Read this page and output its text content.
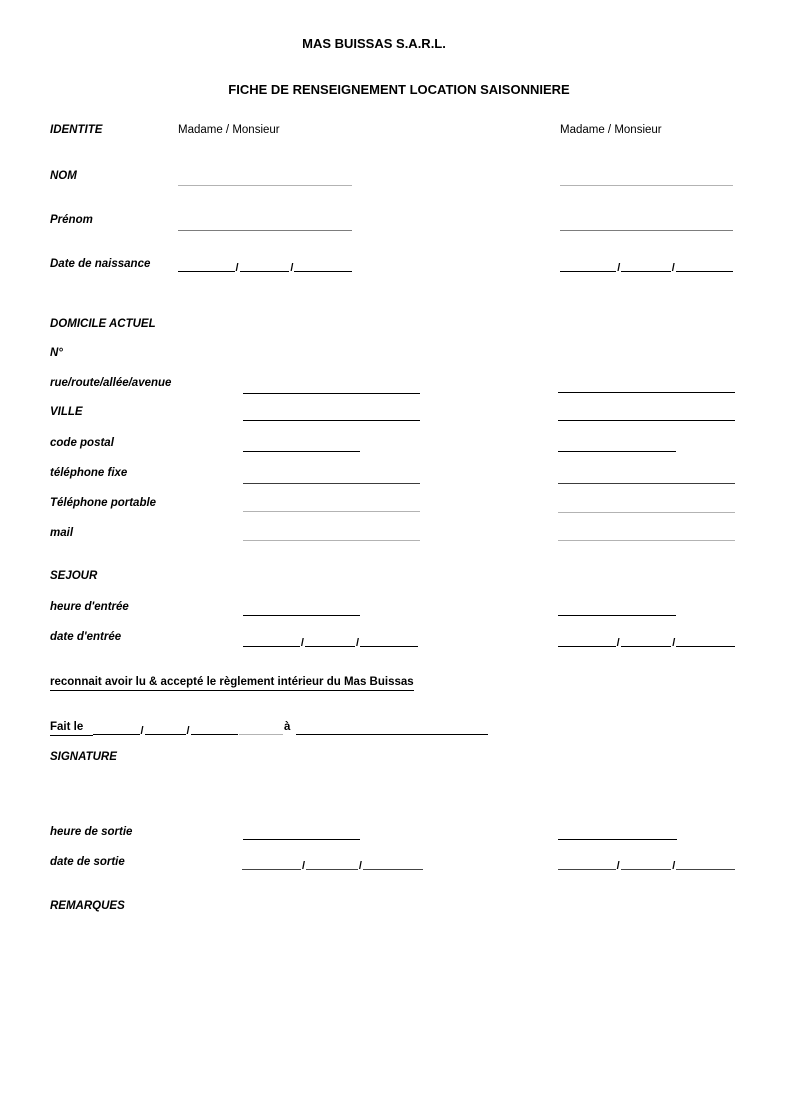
MAS BUISSAS S.A.R.L.
FICHE DE RENSEIGNEMENT LOCATION SAISONNIERE
IDENTITE	Madame / Monsieur	Madame / Monsieur
NOM
Prénom
Date de naissance	/	/	/	/
DOMICILE ACTUEL
N°
rue/route/allée/avenue
VILLE
code postal
téléphone fixe
Téléphone portable
mail
SEJOUR
heure d'entrée
date d'entrée	/	/	/	/
reconnait avoir lu & accepté le règlement intérieur du Mas Buissas
Fait le	/	/	à
SIGNATURE
heure de sortie
date de sortie	/	/	/	/
REMARQUES
